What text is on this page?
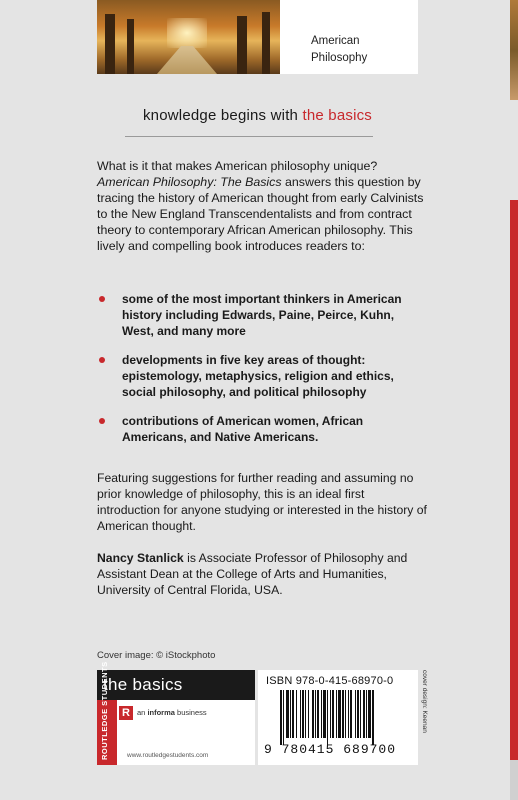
American Philosophy
knowledge begins with the basics
What is it that makes American philosophy unique? American Philosophy: The Basics answers this question by tracing the history of American thought from early Calvinists to the New England Transcendentalists and from contract theory to contemporary African American philosophy. This lively and compelling book introduces readers to:
some of the most important thinkers in American history including Edwards, Paine, Peirce, Kuhn, West, and many more
developments in five key areas of thought: epistemology, metaphysics, religion and ethics, social philosophy, and political philosophy
contributions of American women, African Americans, and Native Americans.
Featuring suggestions for further reading and assuming no prior knowledge of philosophy, this is an ideal first introduction for anyone studying or interested in the history of American thought.
Nancy Stanlick is Associate Professor of Philosophy and Assistant Dean at the College of Arts and Humanities, University of Central Florida, USA.
Cover image: © iStockphoto
the basics
ROUTLEDGE STUDENTS R an informa business
www.routledgestudents.com
ISBN 978-0-415-68970-0
9 780415 689700
cover design: Keenan
